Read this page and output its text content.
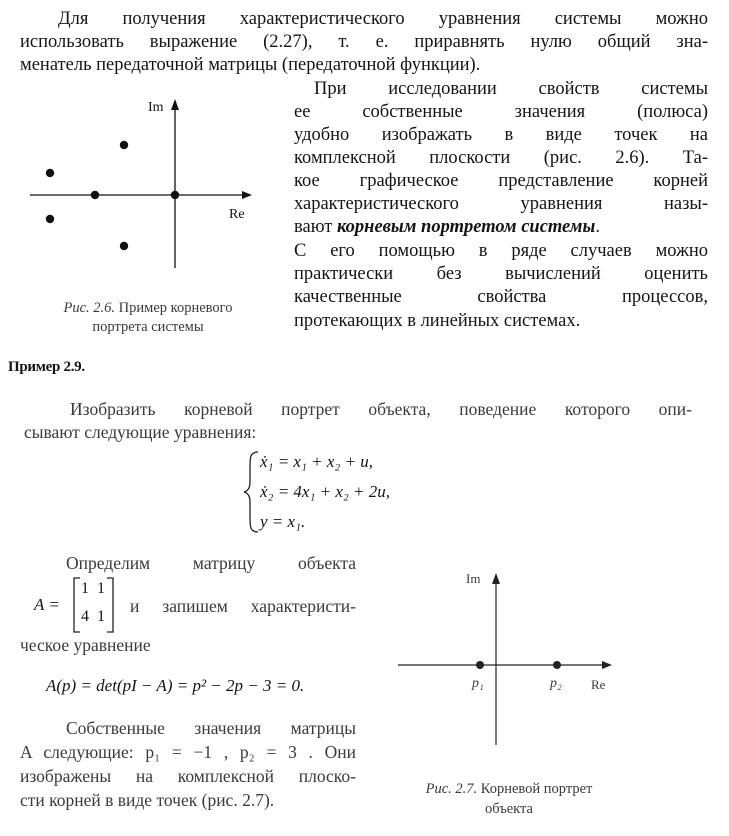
Для получения характеристического уравнения системы можно
использовать выражение (2.27), т. е. приравнять нулю общий зна-
менатель передаточной матрицы (передаточной функции).
При исследовании свойств системы
ее собственные значения (полюса)
удобно изображать в виде точек на
комплексной плоскости (рис. 2.6). Та-
кое графическое представление корней
характеристического уравнения назы-
вают корневым портретом системы.
С его помощью в ряде случаев можно
практически без вычислений оценить
качественные свойства процессов,
протекающих в линейных системах.
Im
Re
Рис. 2.6. Пример корневого
портрета системы
Пример 2.9.
Изобразить корневой портрет объекта, поведение которого опи-
сывают следующие уравнения:
ẋ₁ = x₁ + x₂ + u,
ẋ₂ = 4x₁ + x₂ + 2u,
y = x₁.
Определим матрицу объекта
A =
1 1
4 1
и запишем характеристи-
ческое уравнение
A(p) = det(pI − A) = p² − 2p − 3 = 0.
Собственные значения матрицы
A следующие: p₁ = −1 , p₂ = 3 . Они
изображены на комплексной плоско-
сти корней в виде точек (рис. 2.7).
Im
Re
p₁	p₂
Рис. 2.7. Корневой портрет
объекта
